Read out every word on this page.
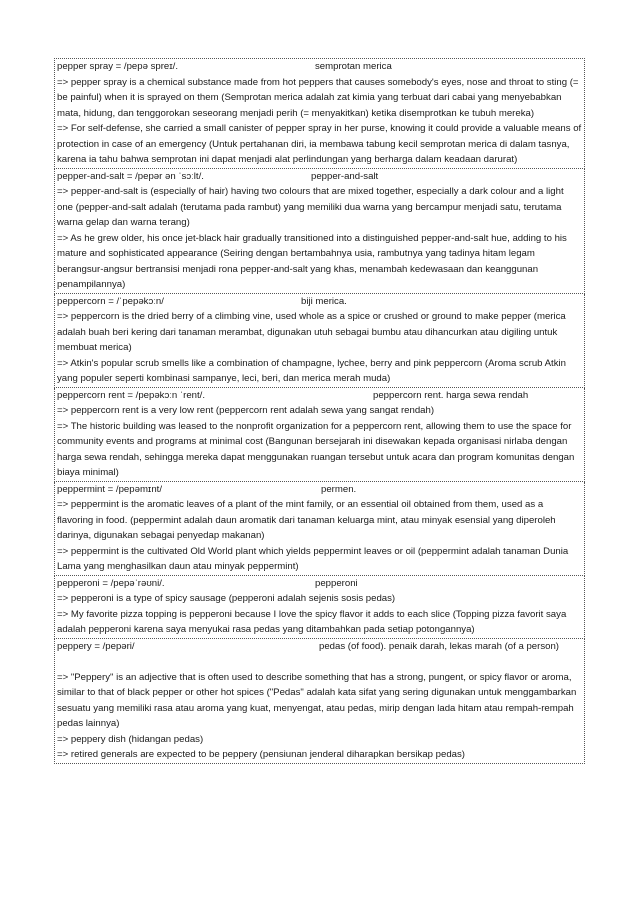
pepper spray = /pepə spreɪ/.	semprotan merica
=> pepper spray is a chemical substance made from hot peppers that causes somebody's eyes, nose and throat to sting (= be painful) when it is sprayed on them (Semprotan merica adalah zat kimia yang terbuat dari cabai yang menyebabkan mata, hidung, dan tenggorokan seseorang menjadi perih (= menyakitkan) ketika disemprotkan ke tubuh mereka)
=> For self-defense, she carried a small canister of pepper spray in her purse, knowing it could provide a valuable means of protection in case of an emergency (Untuk pertahanan diri, ia membawa tabung kecil semprotan merica di dalam tasnya, karena ia tahu bahwa semprotan ini dapat menjadi alat perlindungan yang berharga dalam keadaan darurat)
pepper-and-salt = /pepər ən ˈsɔːlt/.	pepper-and-salt
=> pepper-and-salt is (especially of hair) having two colours that are mixed together, especially a dark colour and a light one (pepper-and-salt adalah (terutama pada rambut) yang memiliki dua warna yang bercampur menjadi satu, terutama warna gelap dan warna terang)
=> As he grew older, his once jet-black hair gradually transitioned into a distinguished pepper-and-salt hue, adding to his mature and sophisticated appearance (Seiring dengan bertambahnya usia, rambutnya yang tadinya hitam legam berangsur-angsur bertransisi menjadi rona pepper-and-salt yang khas, menambah kedewasaan dan keanggunan penampilannya)
peppercorn = /ˈpepəkɔːn/	biji merica.
=> peppercorn is the dried berry of a climbing vine, used whole as a spice or crushed or ground to make pepper (merica adalah buah beri kering dari tanaman merambat, digunakan utuh sebagai bumbu atau dihancurkan atau digiling untuk membuat merica)
=> Atkin's popular scrub smells like a combination of champagne, lychee, berry and pink peppercorn (Aroma scrub Atkin yang populer seperti kombinasi sampanye, leci, beri, dan merica merah muda)
peppercorn rent = /pepəkɔːn ˈrent/.	peppercorn rent. harga sewa rendah
=> peppercorn rent is a very low rent (peppercorn rent adalah sewa yang sangat rendah)
=> The historic building was leased to the nonprofit organization for a peppercorn rent, allowing them to use the space for community events and programs at minimal cost (Bangunan bersejarah ini disewakan kepada organisasi nirlaba dengan harga sewa rendah, sehingga mereka dapat menggunakan ruangan tersebut untuk acara dan program komunitas dengan biaya minimal)
peppermint = /pepəmɪnt/	permen.
=> peppermint is the aromatic leaves of a plant of the mint family, or an essential oil obtained from them, used as a flavoring in food. (peppermint adalah daun aromatik dari tanaman keluarga mint, atau minyak esensial yang diperoleh darinya, digunakan sebagai penyedap makanan)
=> peppermint is the cultivated Old World plant which yields peppermint leaves or oil (peppermint adalah tanaman Dunia Lama yang menghasilkan daun atau minyak peppermint)
pepperoni = /pepəˈrəʊni/.	pepperoni
=> pepperoni is a type of spicy sausage (pepperoni adalah sejenis sosis pedas)
=> My favorite pizza topping is pepperoni because I love the spicy flavor it adds to each slice (Topping pizza favorit saya adalah pepperoni karena saya menyukai rasa pedas yang ditambahkan pada setiap potongannya)
peppery = /pepəri/	pedas (of food). penaik darah, lekas marah (of a person)
=> "Peppery" is an adjective that is often used to describe something that has a strong, pungent, or spicy flavor or aroma, similar to that of black pepper or other hot spices ("Pedas" adalah kata sifat yang sering digunakan untuk menggambarkan sesuatu yang memiliki rasa atau aroma yang kuat, menyengat, atau pedas, mirip dengan lada hitam atau rempah-rempah pedas lainnya)
=> peppery dish (hidangan pedas)
=> retired generals are expected to be peppery (pensiunan jenderal diharapkan bersikap pedas)
